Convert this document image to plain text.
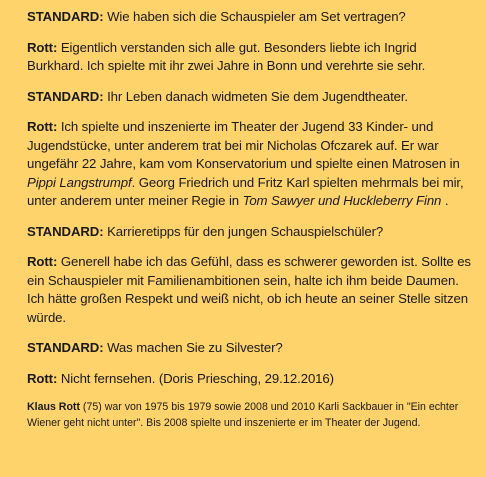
STANDARD: Wie haben sich die Schauspieler am Set vertragen?

Rott: Eigentlich verstanden sich alle gut. Besonders liebte ich Ingrid Burkhard. Ich spielte mit ihr zwei Jahre in Bonn und verehrte sie sehr.

STANDARD: Ihr Leben danach widmeten Sie dem Jugendtheater.

Rott: Ich spielte und inszenierte im Theater der Jugend 33 Kinder- und Jugendstücke, unter anderem trat bei mir Nicholas Ofczarek auf. Er war ungefähr 22 Jahre, kam vom Konservatorium und spielte einen Matrosen in Pippi Langstrumpf. Georg Friedrich und Fritz Karl spielten mehrmals bei mir, unter anderem unter meiner Regie in Tom Sawyer und Huckleberry Finn .

STANDARD: Karrieretipps für den jungen Schauspielschüler?

Rott: Generell habe ich das Gefühl, dass es schwerer geworden ist. Sollte es ein Schauspieler mit Familienambitionen sein, halte ich ihm beide Daumen. Ich hätte großen Respekt und weiß nicht, ob ich heute an seiner Stelle sitzen würde.

STANDARD: Was machen Sie zu Silvester?

Rott: Nicht fernsehen. (Doris Priesching, 29.12.2016)

Klaus Rott (75) war von 1975 bis 1979 sowie 2008 und 2010 Karli Sackbauer in "Ein echter Wiener geht nicht unter". Bis 2008 spielte und inszenierte er im Theater der Jugend.
